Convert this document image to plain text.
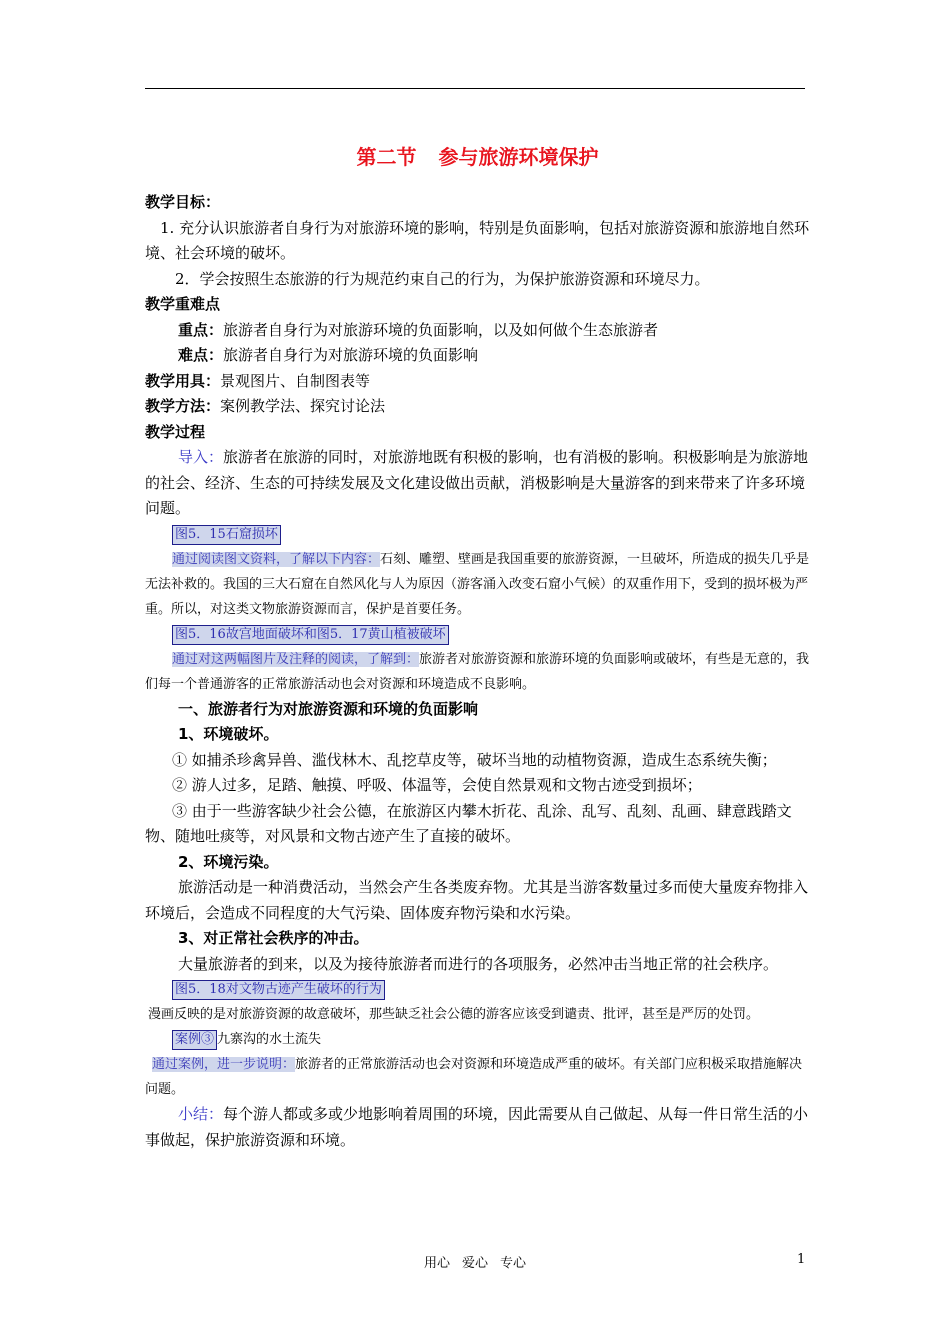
第二节 参与旅游环境保护

教学目标：

1. 充分认识旅游者自身行为对旅游环境的影响，特别是负面影响，包括对旅游资源和旅游地自然环境、社会环境的破坏。

2．学会按照生态旅游的行为规范约束自己的行为，为保护旅游资源和环境尽力。

教学重难点

重点：旅游者自身行为对旅游环境的负面影响，以及如何做个生态旅游者

难点：旅游者自身行为对旅游环境的负面影响

教学用具：景观图片、自制图表等

教学方法：案例教学法、探究讨论法

教学过程

导入：旅游者在旅游的同时，对旅游地既有积极的影响，也有消极的影响。积极影响是为旅游地的社会、经济、生态的可持续发展及文化建设做出贡献，消极影响是大量游客的到来带来了许多环境问题。

图5．15石窟损坏

通过阅读图文资料，了解以下内容：石刻、雕塑、壁画是我国重要的旅游资源，一旦破坏，所造成的损失几乎是无法补救的。我国的三大石窟在自然风化与人为原因（游客涌入改变石窟小气候）的双重作用下，受到的损坏极为严重。所以，对这类文物旅游资源而言，保护是首要任务。

图5．16故宫地面破坏和图5．17黄山植被破坏

通过对这两幅图片及注释的阅读，了解到：旅游者对旅游资源和旅游环境的负面影响或破坏，有些是无意的，我们每一个普通游客的正常旅游活动也会对资源和环境造成不良影响。

一、旅游者行为对旅游资源和环境的负面影响

1、环境破坏。

① 如捕杀珍禽异兽、滥伐林木、乱挖草皮等，破坏当地的动植物资源，造成生态系统失衡；

② 游人过多，足踏、触摸、呼吸、体温等，会使自然景观和文物古迹受到损坏；

③ 由于一些游客缺少社会公德，在旅游区内攀木折花、乱涂、乱写、乱刻、乱画、肆意践踏文物、随地吐痰等，对风景和文物古迹产生了直接的破坏。

2、环境污染。

旅游活动是一种消费活动，当然会产生各类废弃物。尤其是当游客数量过多而使大量废弃物排入环境后，会造成不同程度的大气污染、固体废弃物污染和水污染。

3、对正常社会秩序的冲击。

大量旅游者的到来，以及为接待旅游者而进行的各项服务，必然冲击当地正常的社会秩序。

图5．18对文物古迹产生破坏的行为

漫画反映的是对旅游资源的故意破坏，那些缺乏社会公德的游客应该受到谴责、批评，甚至是严厉的处罚。

案例③ 九寨沟的水土流失

通过案例，进一步说明：旅游者的正常旅游活动也会对资源和环境造成严重的破坏。有关部门应积极采取措施解决问题。

小结：每个游人都或多或少地影响着周围的环境，因此需要从自己做起、从每一件日常生活的小事做起，保护旅游资源和环境。

用心 爱心 专心	1
